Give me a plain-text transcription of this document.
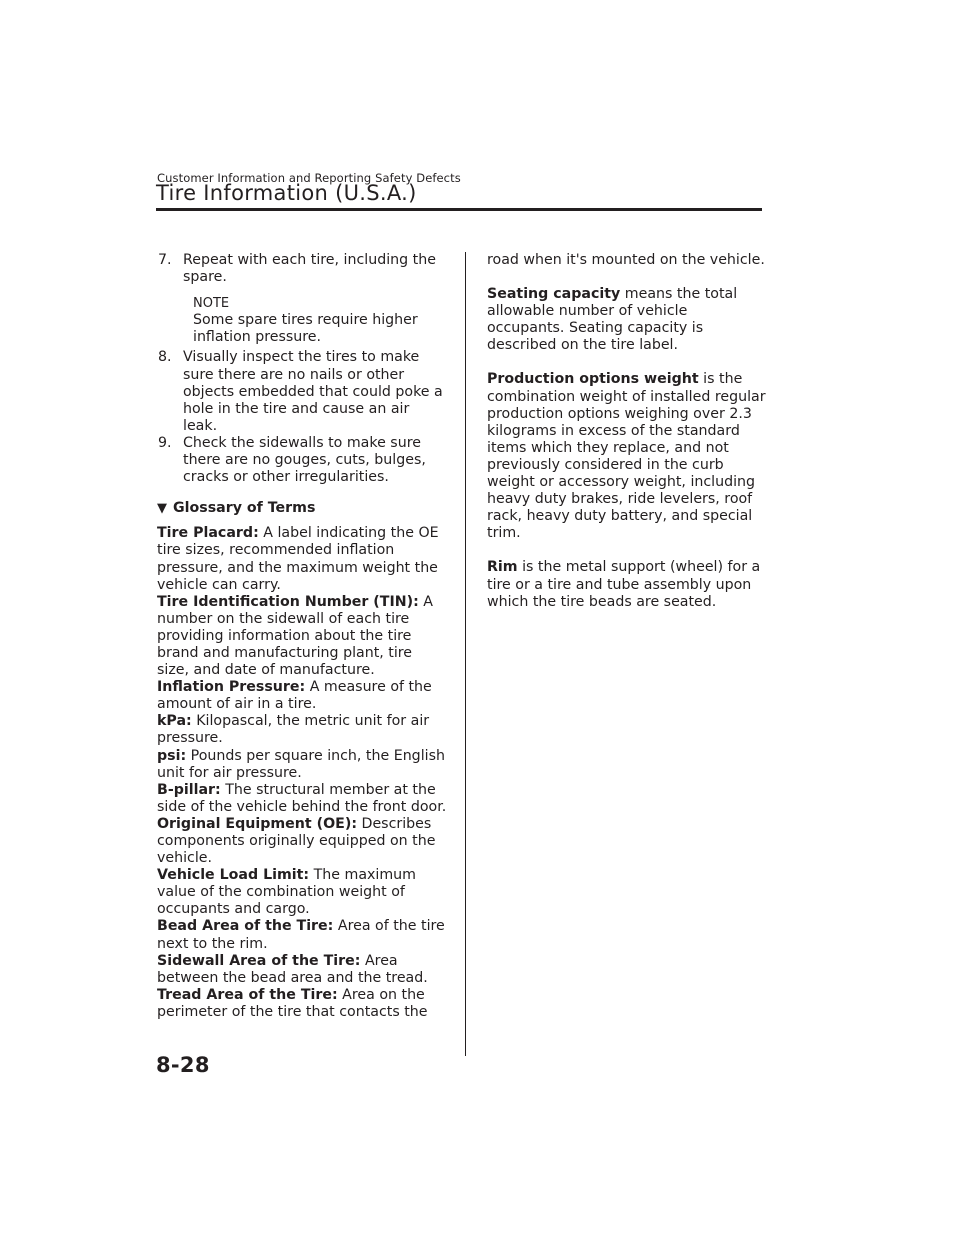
Customer Information and Reporting Safety Defects
Tire Information (U.S.A.)
7. Repeat with each tire, including the spare.
NOTE
Some spare tires require higher inflation pressure.
8. Visually inspect the tires to make sure there are no nails or other objects embedded that could poke a hole in the tire and cause an air leak.
9. Check the sidewalls to make sure there are no gouges, cuts, bulges, cracks or other irregularities.
▼ Glossary of Terms
Tire Placard: A label indicating the OE tire sizes, recommended inflation pressure, and the maximum weight the vehicle can carry.
Tire Identification Number (TIN): A number on the sidewall of each tire providing information about the tire brand and manufacturing plant, tire size, and date of manufacture.
Inflation Pressure: A measure of the amount of air in a tire.
kPa: Kilopascal, the metric unit for air pressure.
psi: Pounds per square inch, the English unit for air pressure.
B-pillar: The structural member at the side of the vehicle behind the front door.
Original Equipment (OE): Describes components originally equipped on the vehicle.
Vehicle Load Limit: The maximum value of the combination weight of occupants and cargo.
Bead Area of the Tire: Area of the tire next to the rim.
Sidewall Area of the Tire: Area between the bead area and the tread.
Tread Area of the Tire: Area on the perimeter of the tire that contacts the
road when it's mounted on the vehicle.
Seating capacity means the total allowable number of vehicle occupants. Seating capacity is described on the tire label.
Production options weight is the combination weight of installed regular production options weighing over 2.3 kilograms in excess of the standard items which they replace, and not previously considered in the curb weight or accessory weight, including heavy duty brakes, ride levelers, roof rack, heavy duty battery, and special trim.
Rim is the metal support (wheel) for a tire or a tire and tube assembly upon which the tire beads are seated.
8-28
